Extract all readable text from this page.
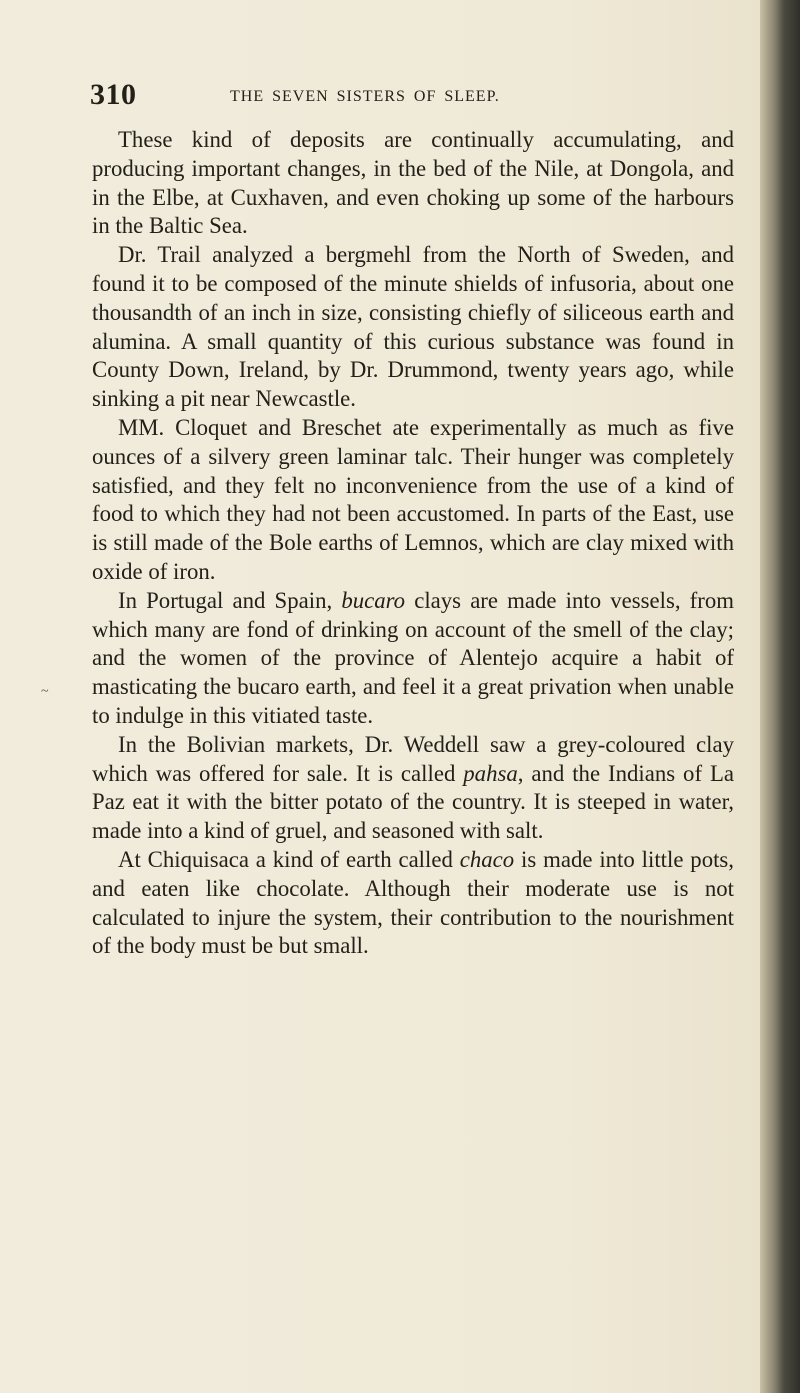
310	THE SEVEN SISTERS OF SLEEP.
~

These kind of deposits are continually accumulating, and producing important changes, in the bed of the Nile, at Dongola, and in the Elbe, at Cuxhaven, and even choking up some of the harbours in the Baltic Sea.

Dr. Trail analyzed a bergmehl from the North of Sweden, and found it to be composed of the minute shields of infusoria, about one thousandth of an inch in size, consisting chiefly of siliceous earth and alumina. A small quantity of this curious substance was found in County Down, Ireland, by Dr. Drummond, twenty years ago, while sinking a pit near Newcastle.

MM. Cloquet and Breschet ate experimentally as much as five ounces of a silvery green laminar talc. Their hunger was completely satisfied, and they felt no inconvenience from the use of a kind of food to which they had not been accustomed. In parts of the East, use is still made of the Bole earths of Lemnos, which are clay mixed with oxide of iron.

In Portugal and Spain, bucaro clays are made into vessels, from which many are fond of drinking on account of the smell of the clay; and the women of the province of Alentejo acquire a habit of masticating the bucaro earth, and feel it a great privation when unable to indulge in this vitiated taste.

In the Bolivian markets, Dr. Weddell saw a grey-coloured clay which was offered for sale. It is called pahsa, and the Indians of La Paz eat it with the bitter potato of the country. It is steeped in water, made into a kind of gruel, and seasoned with salt.

At Chiquisaca a kind of earth called chaco is made into little pots, and eaten like chocolate. Although their moderate use is not calculated to injure the system, their contribution to the nourishment of the body must be but small.
